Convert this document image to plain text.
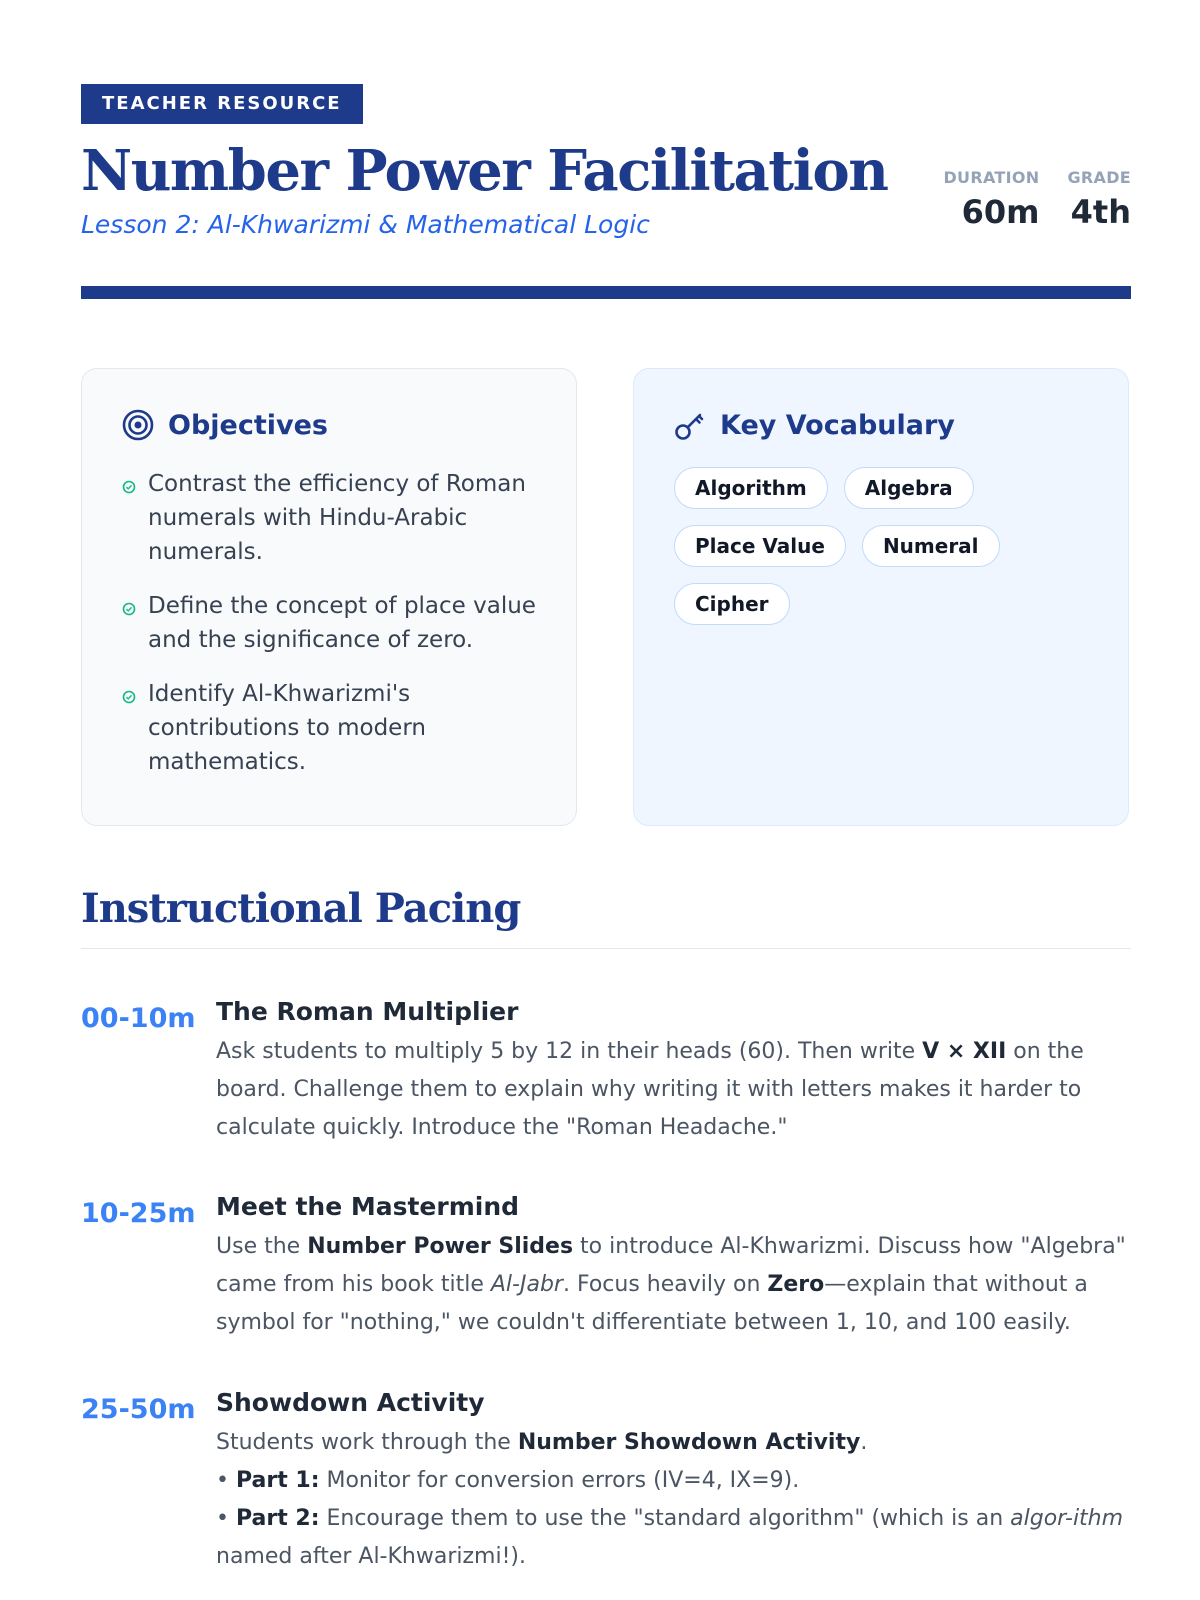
TEACHER RESOURCE
Number Power Facilitation
Lesson 2: Al-Khwarizmi & Mathematical Logic
DURATION
60m
GRADE
4th
Objectives
Contrast the efficiency of Roman numerals with Hindu-Arabic numerals.
Define the concept of place value and the significance of zero.
Identify Al-Khwarizmi's contributions to modern mathematics.
Key Vocabulary
Algorithm	Algebra
Place Value	Numeral
Cipher
Instructional Pacing
00-10m The Roman Multiplier
Ask students to multiply 5 by 12 in their heads (60). Then write V × XII on the board. Challenge them to explain why writing it with letters makes it harder to calculate quickly. Introduce the "Roman Headache."
10-25m Meet the Mastermind
Use the Number Power Slides to introduce Al-Khwarizmi. Discuss how "Algebra" came from his book title Al-Jabr. Focus heavily on Zero—explain that without a symbol for "nothing," we couldn't differentiate between 1, 10, and 100 easily.
25-50m Showdown Activity
Students work through the Number Showdown Activity.
• Part 1: Monitor for conversion errors (IV=4, IX=9).
• Part 2: Encourage them to use the "standard algorithm" (which is an algor-ithm named after Al-Khwarizmi!).
